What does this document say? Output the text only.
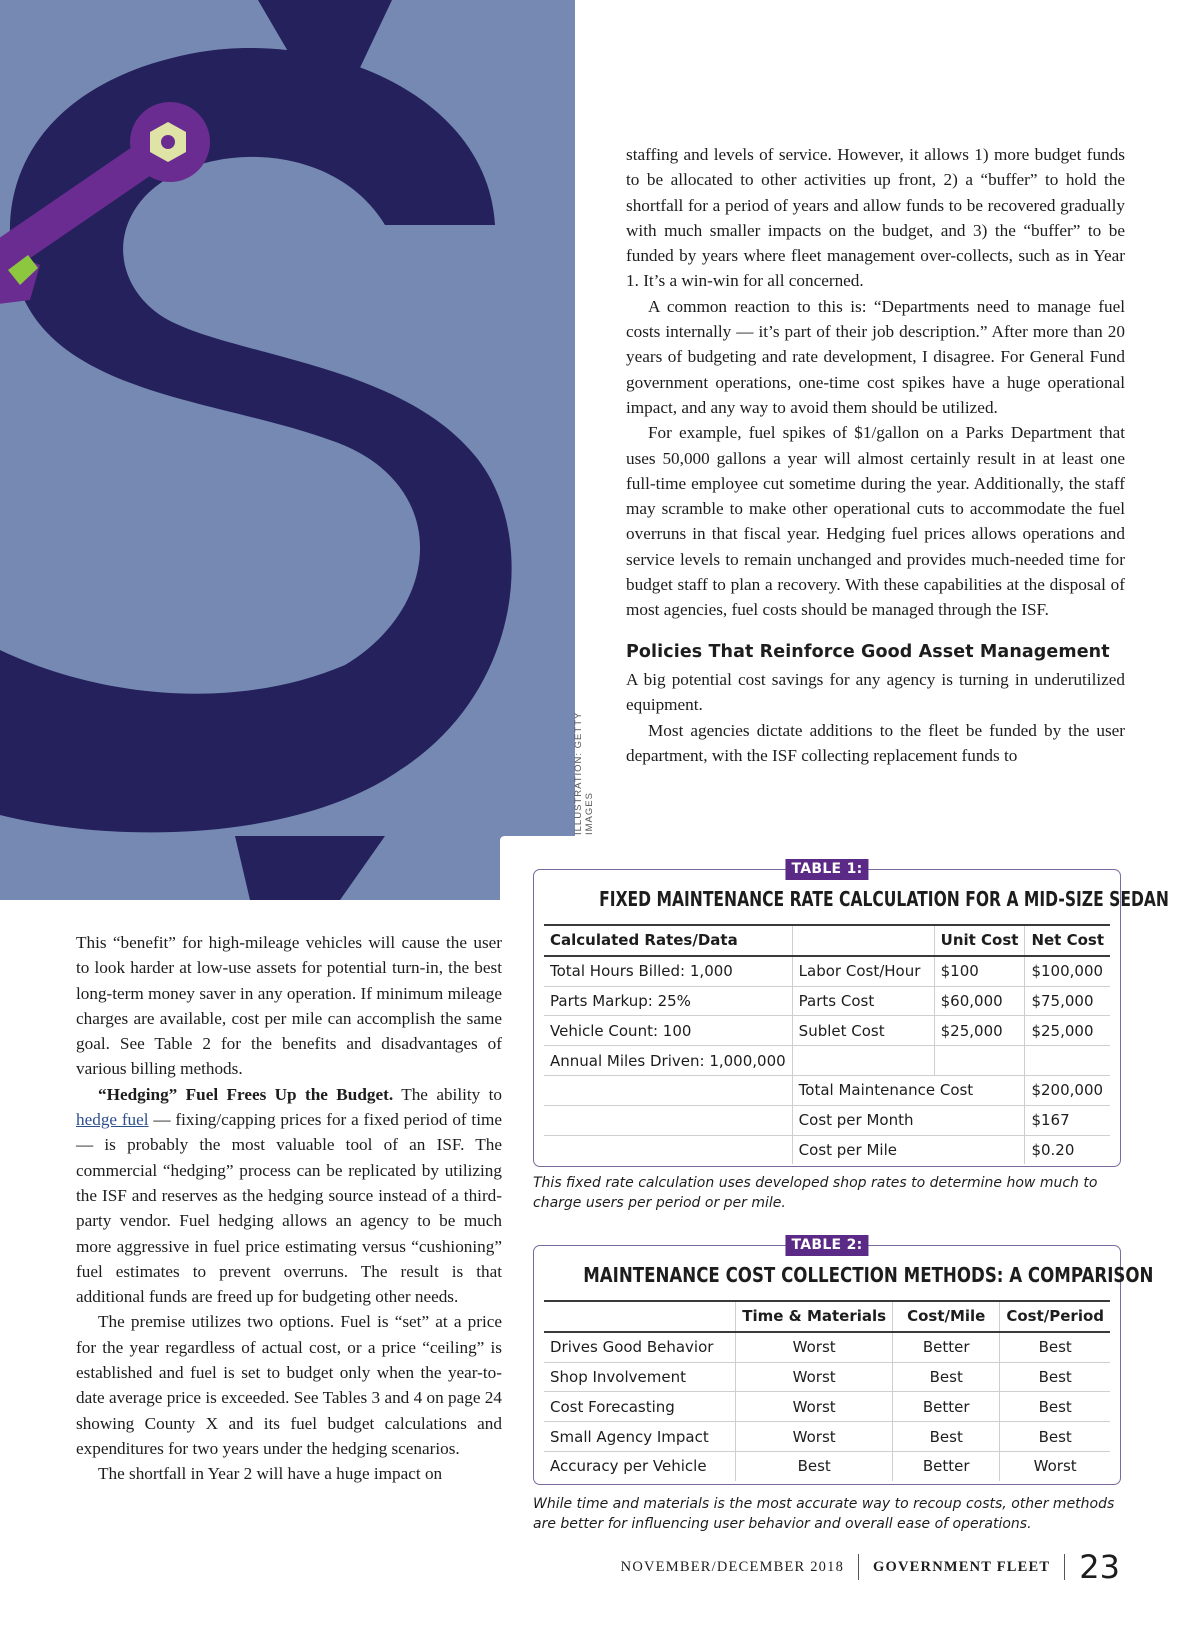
ILLUSTRATION: GETTY IMAGES

staffing and levels of service. However, it allows 1) more budget funds to be allocated to other activities up front, 2) a “buffer” to hold the shortfall for a period of years and allow funds to be recovered gradually with much smaller impacts on the budget, and 3) the “buffer” to be funded by years where fleet management over-collects, such as in Year 1. It’s a win-win for all concerned.

A common reaction to this is: “Departments need to manage fuel costs internally — it’s part of their job description.” After more than 20 years of budgeting and rate development, I disagree. For General Fund government operations, one-time cost spikes have a huge operational impact, and any way to avoid them should be utilized.

For example, fuel spikes of $1/gallon on a Parks Department that uses 50,000 gallons a year will almost certainly result in at least one full-time employee cut sometime during the year. Additionally, the staff may scramble to make other operational cuts to accommodate the fuel overruns in that fiscal year. Hedging fuel prices allows operations and service levels to remain unchanged and provides much-needed time for budget staff to plan a recovery. With these capabilities at the disposal of most agencies, fuel costs should be managed through the ISF.

Policies That Reinforce Good Asset Management

A big potential cost savings for any agency is turning in underutilized equipment.

Most agencies dictate additions to the fleet be funded by the user department, with the ISF collecting replacement funds to

This “benefit” for high-mileage vehicles will cause the user to look harder at low-use assets for potential turn-in, the best long-term money saver in any operation. If minimum mileage charges are available, cost per mile can accomplish the same goal. See Table 2 for the benefits and disadvantages of various billing methods.

“Hedging” Fuel Frees Up the Budget. The ability to hedge fuel — fixing/capping prices for a fixed period of time — is probably the most valuable tool of an ISF. The commercial “hedging” process can be replicated by utilizing the ISF and reserves as the hedging source instead of a third-party vendor. Fuel hedging allows an agency to be much more aggressive in fuel price estimating versus “cushioning” fuel estimates to prevent overruns. The result is that additional funds are freed up for budgeting other needs.

The premise utilizes two options. Fuel is “set” at a price for the year regardless of actual cost, or a price “ceiling” is established and fuel is set to budget only when the year-to-date average price is exceeded. See Tables 3 and 4 on page 24 showing County X and its fuel budget calculations and expenditures for two years under the hedging scenarios.

The shortfall in Year 2 will have a huge impact on

TABLE 1:
FIXED MAINTENANCE RATE CALCULATION FOR A MID-SIZE SEDAN
Calculated Rates/Data		Unit Cost	Net Cost
Total Hours Billed: 1,000	Labor Cost/Hour	$100	$100,000
Parts Markup: 25%	Parts Cost	$60,000	$75,000
Vehicle Count: 100	Sublet Cost	$25,000	$25,000
Annual Miles Driven: 1,000,000			
	Total Maintenance Cost		$200,000
	Cost per Month		$167
	Cost per Mile		$0.20
This fixed rate calculation uses developed shop rates to determine how much to charge users per period or per mile.
TABLE 2:
MAINTENANCE COST COLLECTION METHODS: A COMPARISON
	Time & Materials	Cost/Mile	Cost/Period
Drives Good Behavior	Worst	Better	Best
Shop Involvement	Worst	Best	Best
Cost Forecasting	Worst	Better	Best
Small Agency Impact	Worst	Best	Best
Accuracy per Vehicle	Best	Better	Worst
While time and materials is the most accurate way to recoup costs, other methods are better for influencing user behavior and overall ease of operations.
NOVEMBER/DECEMBER 2018 GOVERNMENT FLEET 23
